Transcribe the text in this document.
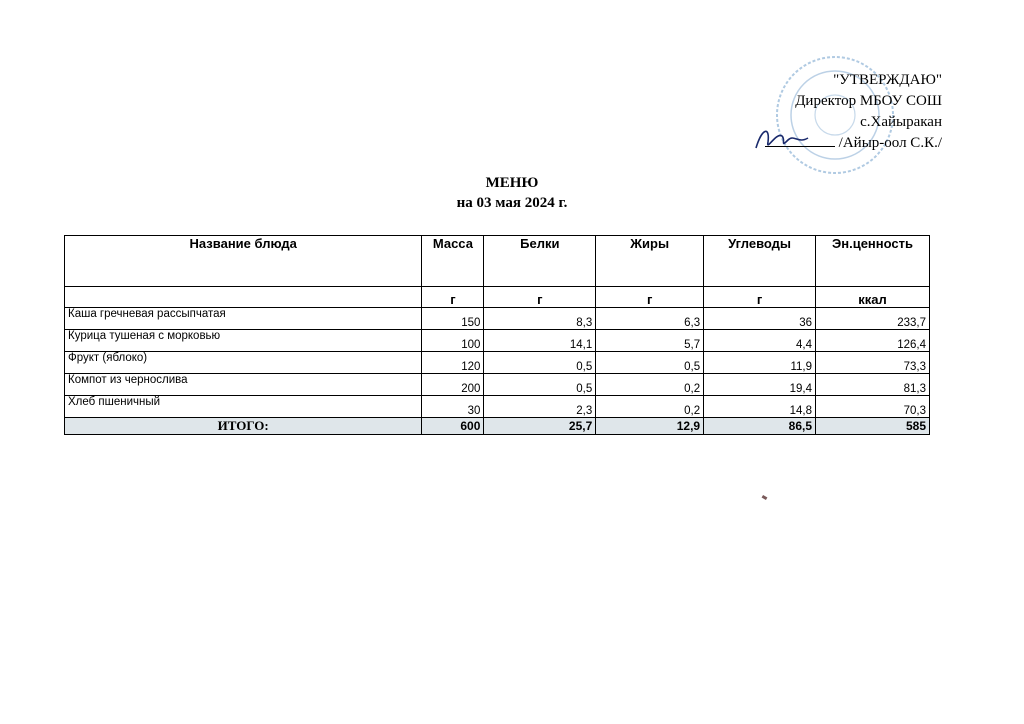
"УТВЕРЖДАЮ"
Директор МБОУ СОШ
с.Хайыракан
/Айыр-оол С.К./
МЕНЮ
на 03 мая 2024 г.
Название блюда	Масса	Белки	Жиры	Углеводы	Эн.ценность
	г	г	г	г	ккал
Каша гречневая рассыпчатая	150	8,3	6,3	36	233,7
Курица тушеная с морковью	100	14,1	5,7	4,4	126,4
Фрукт (яблоко)	120	0,5	0,5	11,9	73,3
Компот из чернослива	200	0,5	0,2	19,4	81,3
Хлеб пшеничный	30	2,3	0,2	14,8	70,3
ИТОГО:	600	25,7	12,9	86,5	585
